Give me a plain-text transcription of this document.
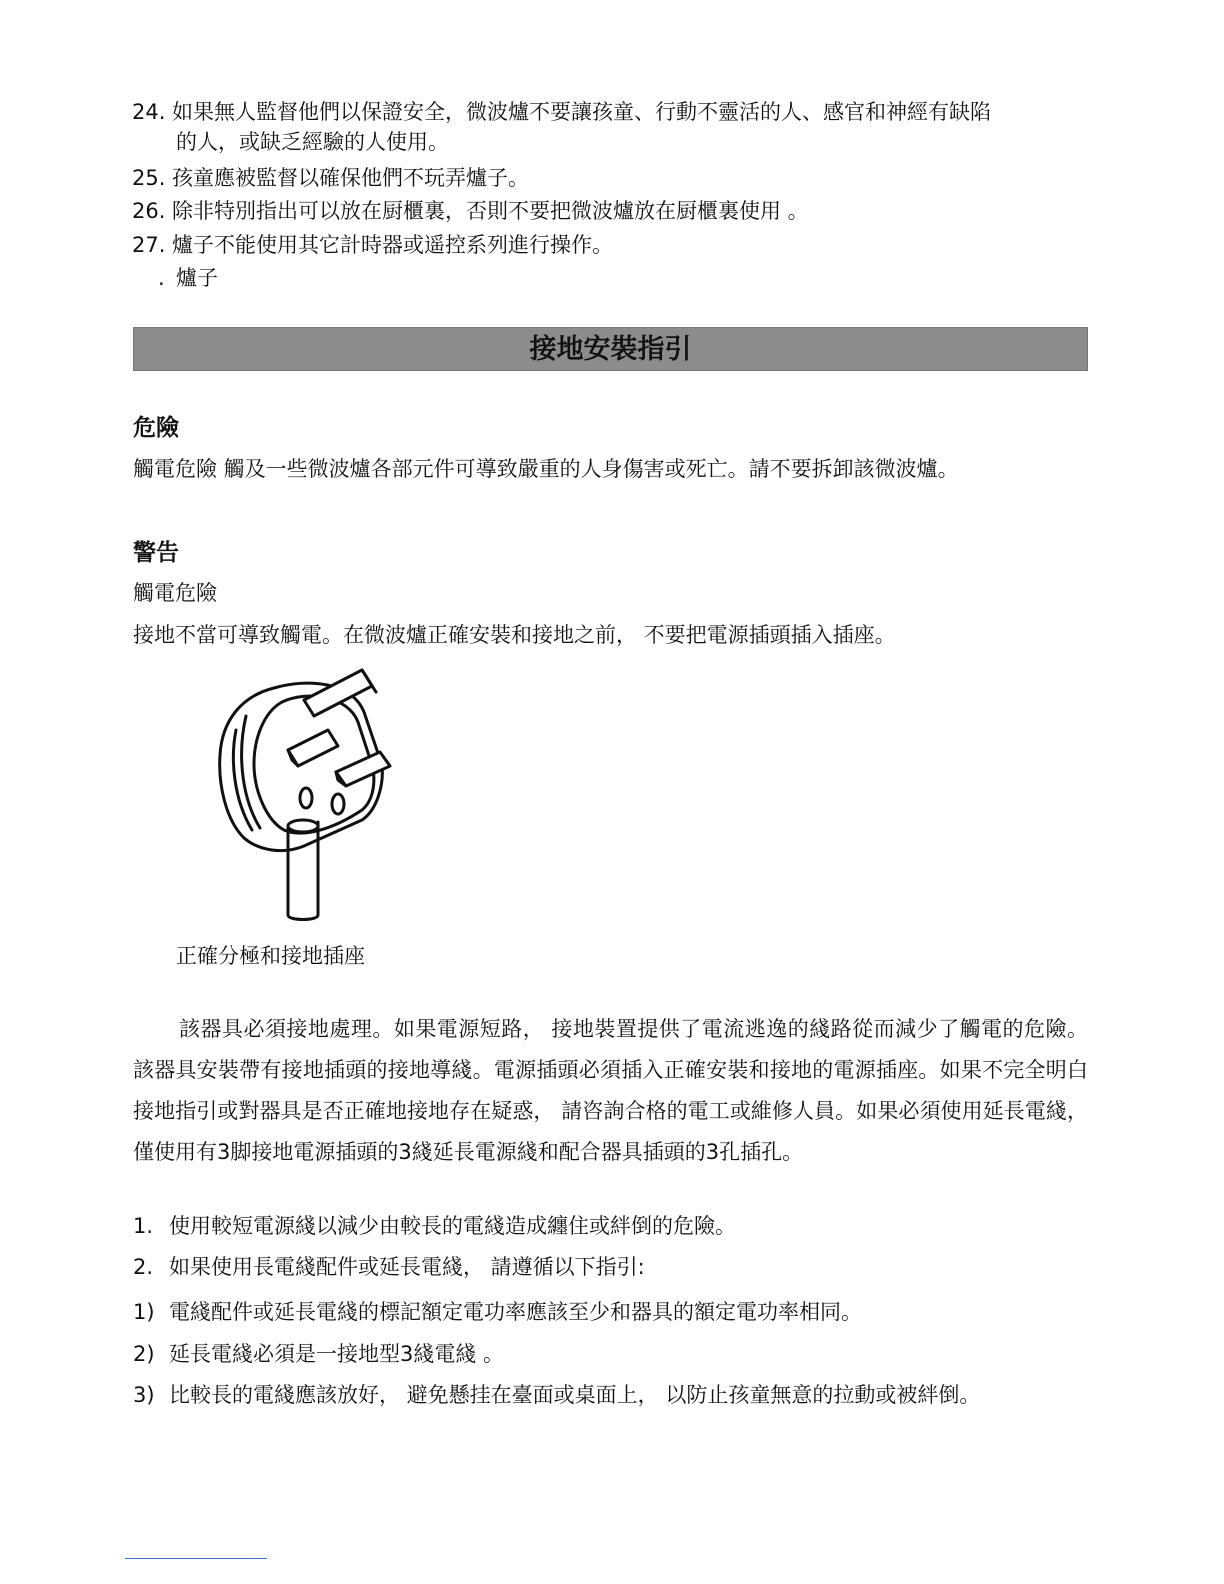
24. 如果無人監督他們以保證安全，微波爐不要讓孩童、行動不靈活的人、感官和神經有缺陷
的人，或缺乏經驗的人使用。
25. 孩童應被監督以確保他們不玩弄爐子。
26. 除非特別指出可以放在厨櫃裏，否則不要把微波爐放在厨櫃裏使用 。
27. 爐子不能使用其它計時器或遥控系列進行操作。
. 爐子
接地安裝指引
危險
觸電危險 觸及一些微波爐各部元件可導致嚴重的人身傷害或死亡。請不要拆卸該微波爐。
警告
觸電危險
接地不當可導致觸電。在微波爐正確安裝和接地之前， 不要把電源插頭插入插座。
正確分極和接地插座
該器具必須接地處理。如果電源短路， 接地裝置提供了電流逃逸的綫路從而減少了觸電的危險。該器具安裝帶有接地插頭的接地導綫。電源插頭必須插入正確安裝和接地的電源插座。如果不完全明白接地指引或對器具是否正確地接地存在疑惑， 請咨詢合格的電工或維修人員。如果必須使用延長電綫， 僅使用有3脚接地電源插頭的3綫延長電源綫和配合器具插頭的3孔插孔。
1. 使用較短電源綫以減少由較長的電綫造成纏住或絆倒的危險。
2. 如果使用長電綫配件或延長電綫， 請遵循以下指引:
1) 電綫配件或延長電綫的標記額定電功率應該至少和器具的額定電功率相同。
2) 延長電綫必須是一接地型3綫電綫 。
3) 比較長的電綫應該放好， 避免懸挂在臺面或桌面上， 以防止孩童無意的拉動或被絆倒。
